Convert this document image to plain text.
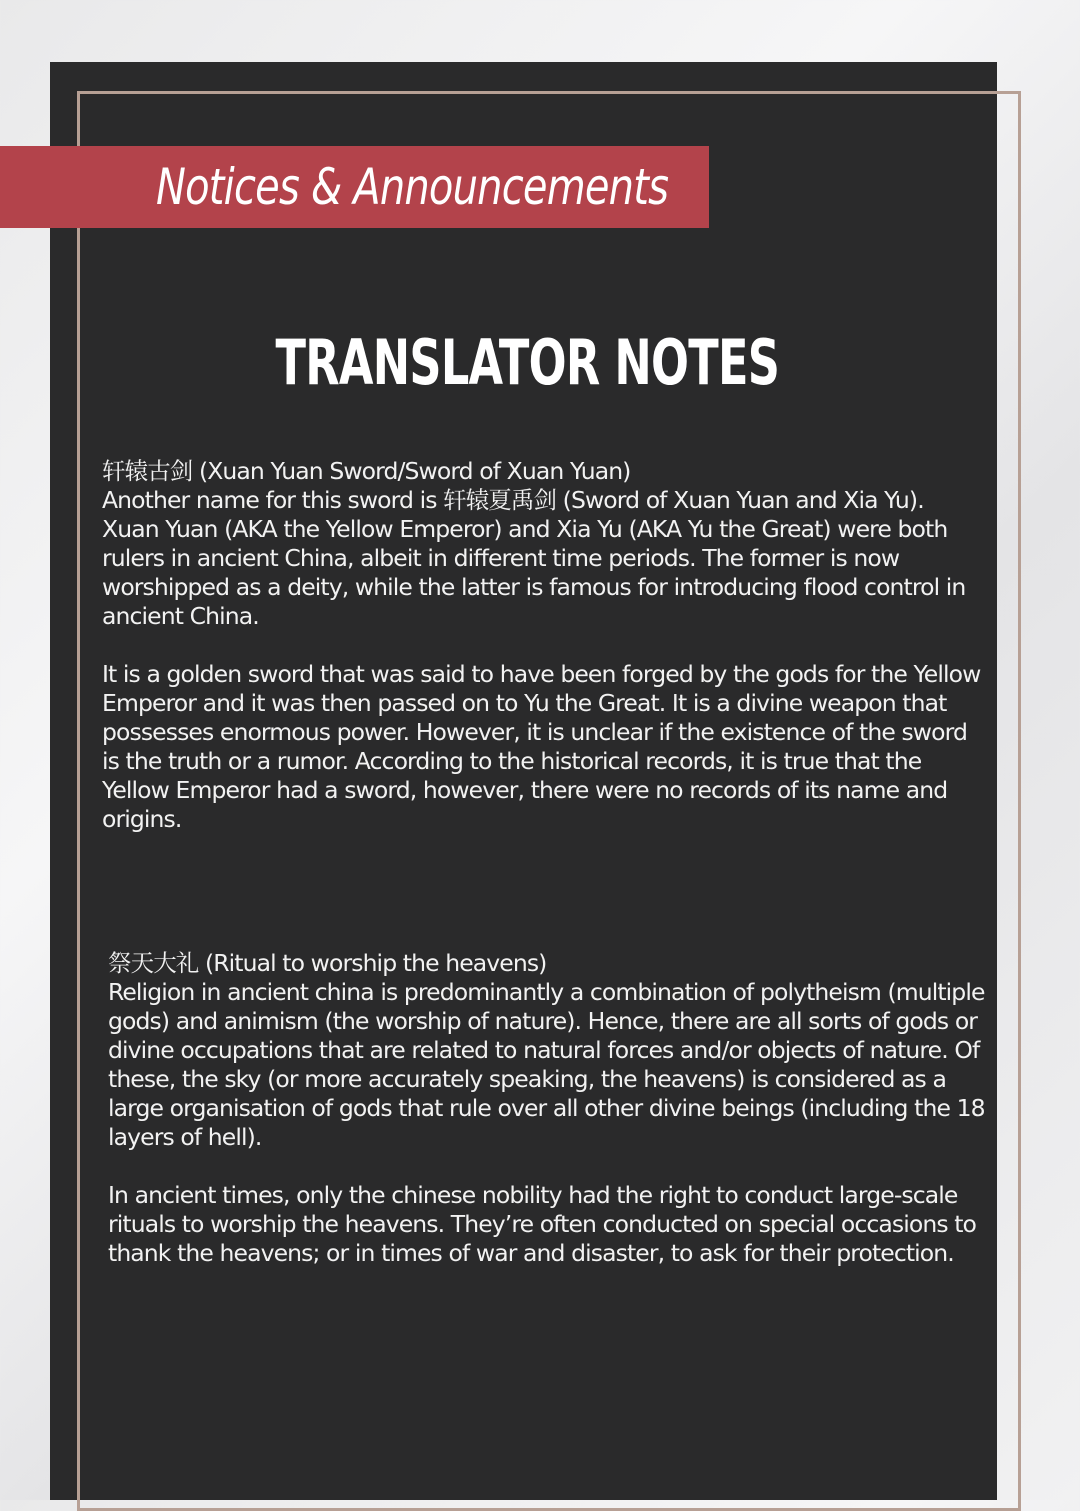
Notices & Announcements
TRANSLATOR NOTES

轩辕古剑 (Xuan Yuan Sword/Sword of Xuan Yuan)

Another name for this sword is 轩辕夏禹剑 (Sword of Xuan Yuan and Xia Yu). Xuan Yuan (AKA the Yellow Emperor) and Xia Yu (AKA Yu the Great) were both rulers in ancient China, albeit in different time periods. The former is now worshipped as a deity, while the latter is famous for introducing flood control in ancient China.

It is a golden sword that was said to have been forged by the gods for the Yellow Emperor and it was then passed on to Yu the Great. It is a divine weapon that possesses enormous power. However, it is unclear if the existence of the sword is the truth or a rumor. According to the historical records, it is true that the Yellow Emperor had a sword, however, there were no records of its name and origins.

祭天大礼 (Ritual to worship the heavens)

Religion in ancient china is predominantly a combination of polytheism (multiple gods) and animism (the worship of nature). Hence, there are all sorts of gods or divine occupations that are related to natural forces and/or objects of nature. Of these, the sky (or more accurately speaking, the heavens) is considered as a large organisation of gods that rule over all other divine beings (including the 18 layers of hell).

In ancient times, only the chinese nobility had the right to conduct large-scale rituals to worship the heavens. They’re often conducted on special occasions to thank the heavens; or in times of war and disaster, to ask for their protection.
